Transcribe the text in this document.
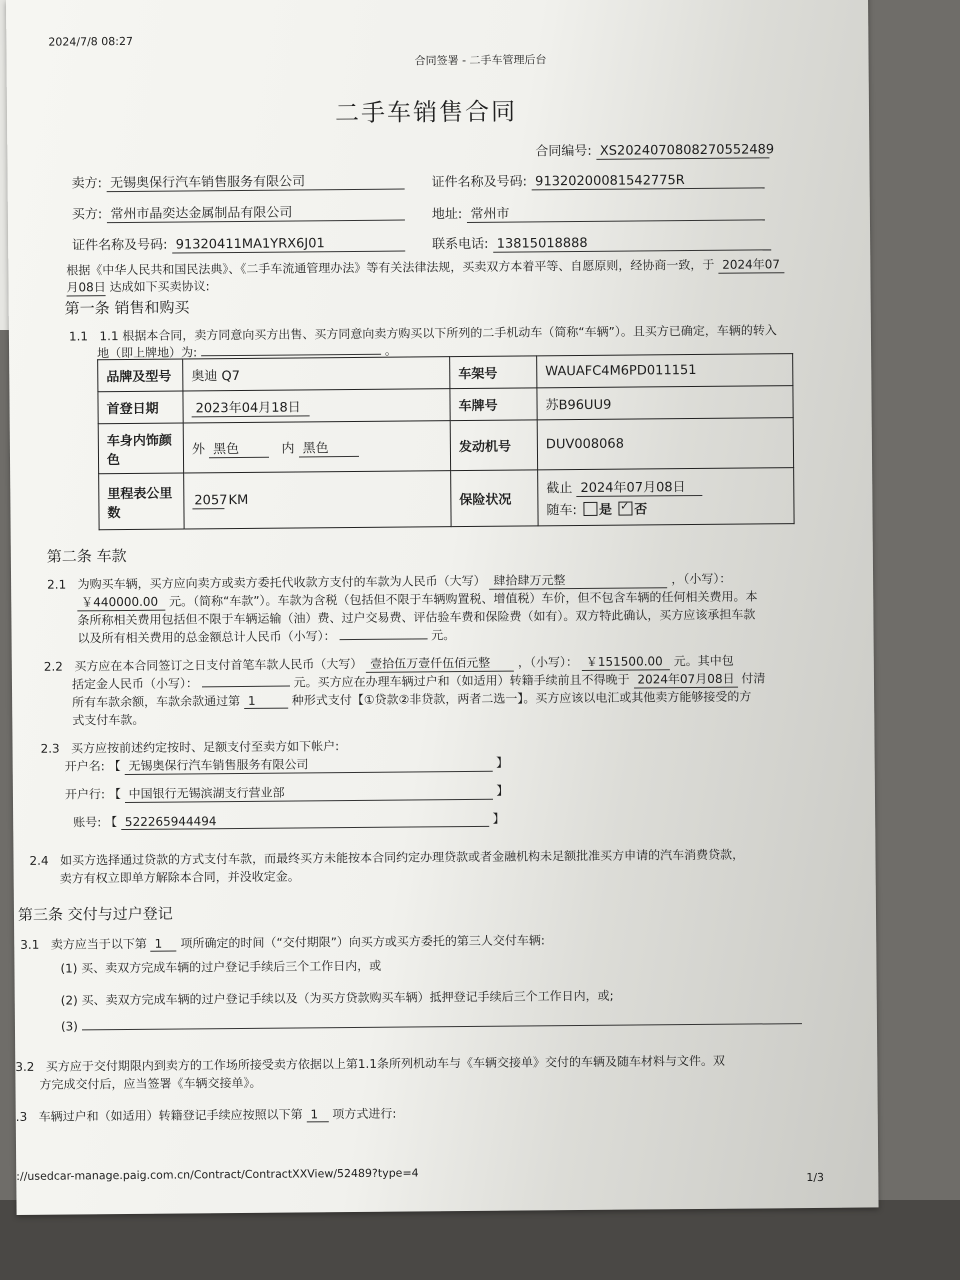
2024/7/8 08:27
合同签署 - 二手车管理后台
二手车销售合同
合同编号: XS2024070808270552489
卖方: 无锡奥保行汽车销售服务有限公司	证件名称及号码: 91320200081542775R
买方: 常州市晶奕达金属制品有限公司	地址: 常州市
证件名称及号码: 91320411MA1YRX6J01	联系电话: 13815018888
根据《中华人民共和国民法典》、《二手车流通管理办法》等有关法律法规，买卖双方本着平等、自愿原则，经协商一致，于 2024年07
月08日 达成如下买卖协议:
第一条 销售和购买
1.1 1.1 根据本合同，卖方同意向买方出售、买方同意向卖方购买以下所列的二手机动车（简称“车辆”）。且买方已确定，车辆的转入
地（即上牌地）为:	。
品牌及型号	奥迪 Q7	车架号	WAUAFC4M6PD011151
首登日期	2023年04月18日	车牌号	苏B96UU9
车身内饰颜色	外 黑色 内 黑色	发动机号	DUV008068
里程表公里数	2057 KM	保险状况	截止 2024年07月08日
随车: 是 ✓ 否
第二条 车款
2.1 为购买车辆，买方应向卖方或卖方委托代收款方支付的车款为人民币（大写） 肆拾肆万元整	，（小写）：
￥440000.00 元。（简称“车款”）。车款为含税（包括但不限于车辆购置税、增值税）车价，但不包含车辆的任何相关费用。本
条所称相关费用包括但不限于车辆运输（油）费、过户交易费、评估验车费和保险费（如有）。双方特此确认，买方应该承担车款
以及所有相关费用的总金额总计人民币（小写）：	元。
2.2 买方应在本合同签订之日支付首笔车款人民币（大写） 壹拾伍万壹仟伍佰元整 ，（小写）： ￥151500.00 元。其中包
括定金人民币（小写）：	元。买方应在办理车辆过户和（如适用）转籍手续前且不得晚于 2024年07月08日 付清
所有车款余额，车款余款通过第 1	种形式支付【①贷款②非贷款，两者二选一】。买方应该以电汇或其他卖方能够接受的方
式支付车款。
2.3 买方应按前述约定按时、足额支付至卖方如下帐户:
开户名: 【 无锡奥保行汽车销售服务有限公司	】
开户行: 【 中国银行无锡滨湖支行营业部	】
账号: 【 522265944494	】
2.4 如买方选择通过贷款的方式支付车款，而最终买方未能按本合同约定办理贷款或者金融机构未足额批准买方申请的汽车消费贷款，
卖方有权立即单方解除本合同，并没收定金。
第三条 交付与过户登记
3.1 卖方应当于以下第 1 项所确定的时间（“交付期限”）向买方或买方委托的第三人交付车辆:
(1) 买、卖双方完成车辆的过户登记手续后三个工作日内，或
(2) 买、卖双方完成车辆的过户登记手续以及（为买方贷款购买车辆）抵押登记手续后三个工作日内，或;
(3)
3.2 买方应于交付期限内到卖方的工作场所接受卖方依据以上第1.1条所列机动车与《车辆交接单》交付的车辆及随车材料与文件。双
方完成交付后，应当签署《车辆交接单》。
.3 车辆过户和（如适用）转籍登记手续应按照以下第 1 项方式进行:
://usedcar-manage.paig.com.cn/Contract/ContractXXView/52489?type=4	1/3
